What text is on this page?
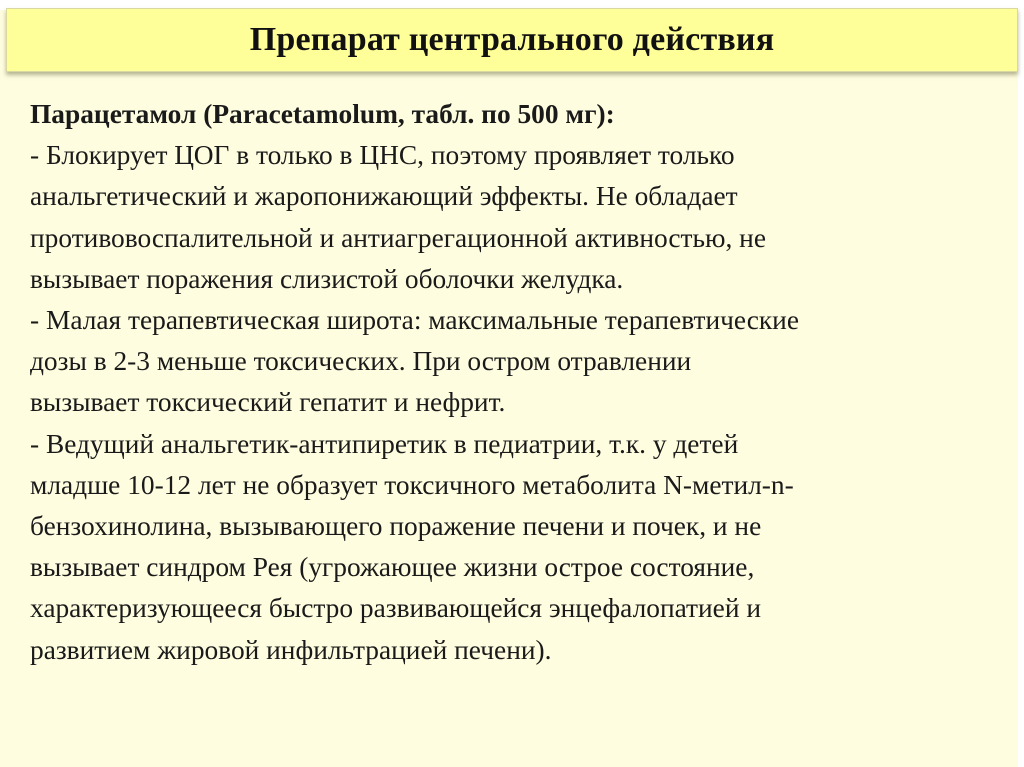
Препарат центрального действия

Парацетамол (Paracetamolum, табл. по 500 мг):

- Блокирует ЦОГ в только в ЦНС, поэтому проявляет только

анальгетический и жаропонижающий эффекты. Не обладает

противовоспалительной и антиагрегационной активностью, не

вызывает поражения слизистой оболочки желудка.

- Малая терапевтическая широта: максимальные терапевтические

дозы в 2-3 меньше токсических. При остром отравлении

вызывает токсический гепатит и нефрит.

- Ведущий анальгетик-антипиретик в педиатрии, т.к. у детей

младше 10-12 лет не образует токсичного метаболита N-метил-n-

бензохинолина, вызывающего поражение печени и почек, и не

вызывает синдром Рея (угрожающее жизни острое состояние,

характеризующееся быстро развивающейся энцефалопатией и

развитием жировой инфильтрацией печени).
